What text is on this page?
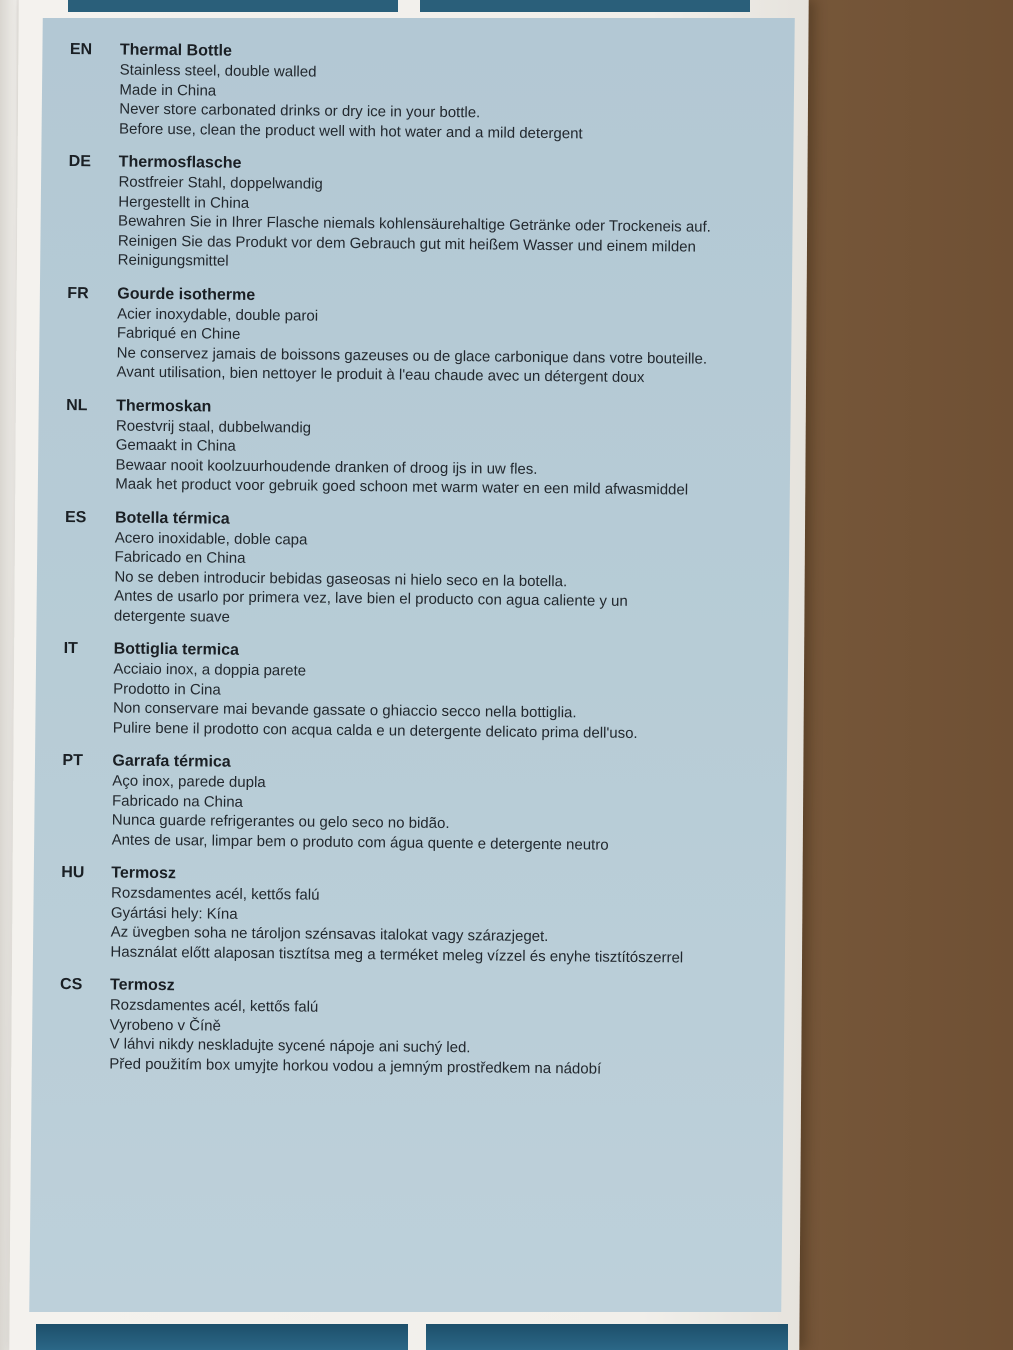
EN	Thermal Bottle
Stainless steel, double walled
Made in China
Never store carbonated drinks or dry ice in your bottle.
Before use, clean the product well with hot water and a mild detergent
DE	Thermosflasche
Rostfreier Stahl, doppelwandig
Hergestellt in China
Bewahren Sie in Ihrer Flasche niemals kohlensäurehaltige Getränke oder Trockeneis auf.
Reinigen Sie das Produkt vor dem Gebrauch gut mit heißem Wasser und einem milden
Reinigungsmittel
FR	Gourde isotherme
Acier inoxydable, double paroi
Fabriqué en Chine
Ne conservez jamais de boissons gazeuses ou de glace carbonique dans votre bouteille.
Avant utilisation, bien nettoyer le produit à l'eau chaude avec un détergent doux
NL	Thermoskan
Roestvrij staal, dubbelwandig
Gemaakt in China
Bewaar nooit koolzuurhoudende dranken of droog ijs in uw fles.
Maak het product voor gebruik goed schoon met warm water en een mild afwasmiddel
ES	Botella térmica
Acero inoxidable, doble capa
Fabricado en China
No se deben introducir bebidas gaseosas ni hielo seco en la botella.
Antes de usarlo por primera vez, lave bien el producto con agua caliente y un
detergente suave
IT	Bottiglia termica
Acciaio inox, a doppia parete
Prodotto in Cina
Non conservare mai bevande gassate o ghiaccio secco nella bottiglia.
Pulire bene il prodotto con acqua calda e un detergente delicato prima dell'uso.
PT	Garrafa térmica
Aço inox, parede dupla
Fabricado na China
Nunca guarde refrigerantes ou gelo seco no bidão.
Antes de usar, limpar bem o produto com água quente e detergente neutro
HU	Termosz
Rozsdamentes acél, kettős falú
Gyártási hely: Kína
Az üvegben soha ne tároljon szénsavas italokat vagy szárazjeget.
Használat előtt alaposan tisztítsa meg a terméket meleg vízzel és enyhe tisztítószerrel
CS	Termosz
Rozsdamentes acél, kettős falú
Vyrobeno v Číně
V láhvi nikdy neskladujte sycené nápoje ani suchý led.
Před použitím box umyjte horkou vodou a jemným prostředkem na nádobí
